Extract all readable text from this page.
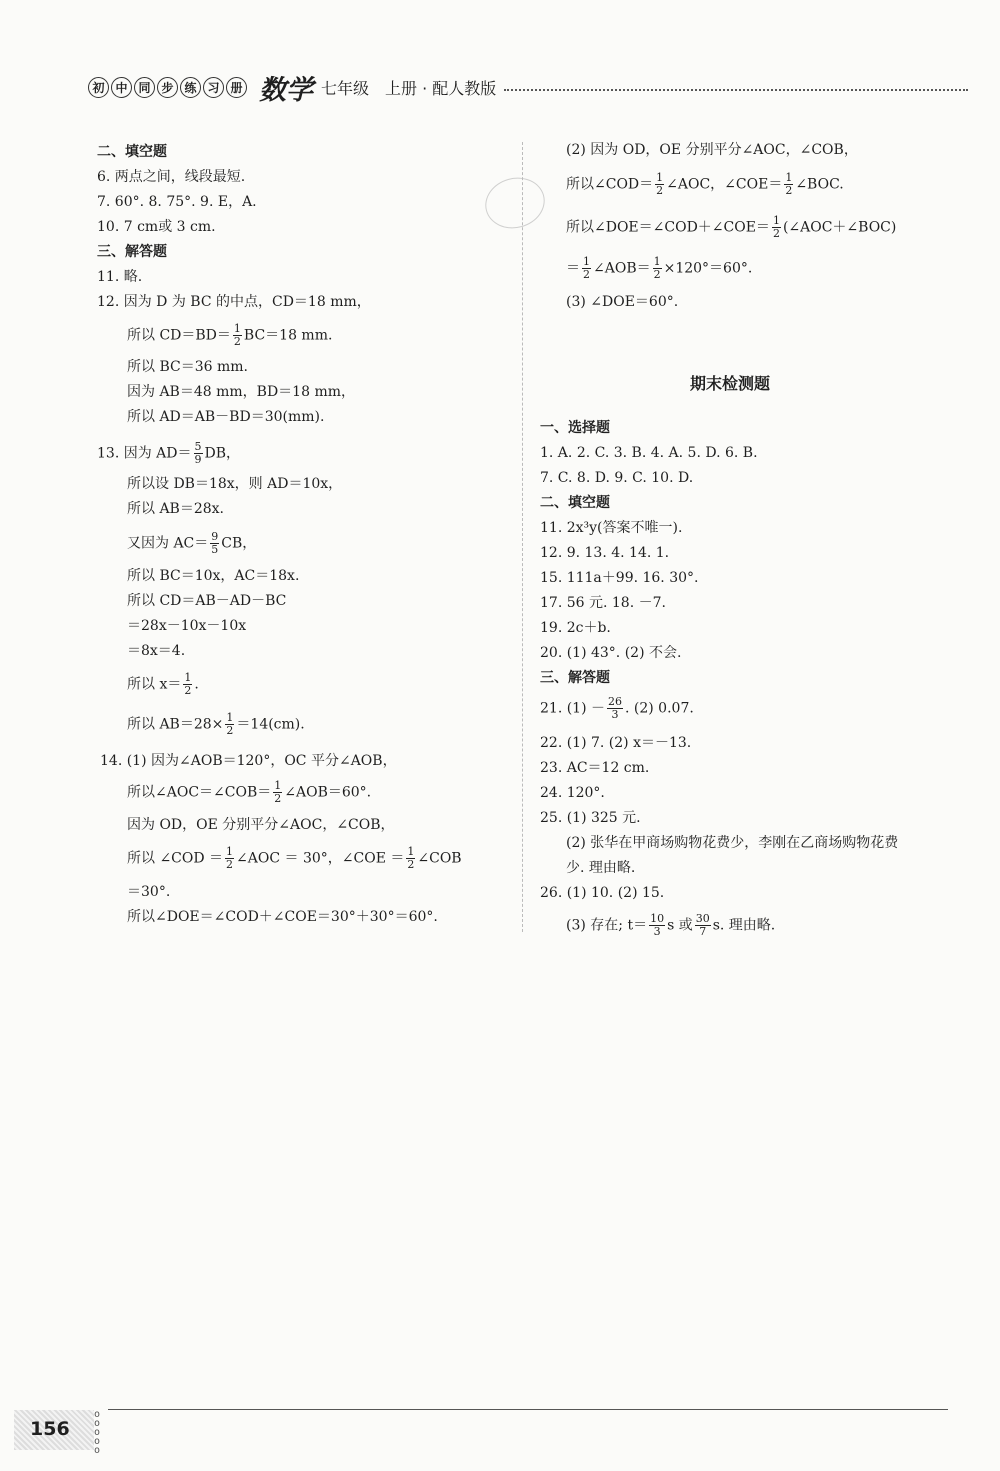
初 中 同 步 练 习 册 数学 七年级 上册 · 配人教版
二、填空题
6. 两点之间，线段最短.
7. 60°. 8. 75°. 9. E，A.
10. 7 cm或 3 cm.
三、解答题
11. 略.
12. 因为 D 为 BC 的中点，CD＝18 mm，
所以 $CD=BD= \frac{1}{2} BC=18$ mm.
所以 BC＝36 mm.
因为 AB＝48 mm，BD＝18 mm，
所以 AD＝AB－BD＝30(mm).
13. 因为 $AD= \frac{5}{9}$ DB，
所以设 DB＝18x，则 AD＝10x，
所以 AB＝28x.
又因为 $AC= \frac{9}{5}$ CB，
所以 BC＝10x，AC＝18x.
所以 CD＝AB－AD－BC
＝28x－10x－10x
＝8x＝4.
所以 $x= \frac{1}{2}$ .
所以 $AB=28\times \frac{1}{2} =14(cm)$.
14. (1) 因为∠AOB＝120°，OC 平分∠AOB，
所以∠AOC＝∠COB＝ $\frac{1}{2}$ ∠AOB＝60°.
因为 OD，OE 分别平分∠AOC，∠COB，
所以 ∠COD ＝ $\frac{1}{2}$ ∠AOC ＝ 30°，∠COE ＝ $\frac{1}{2}$ ∠COB
＝30°.
所以∠DOE＝∠COD＋∠COE＝30°＋30°＝60°.

(2) 因为 OD，OE 分别平分∠AOC，∠COB，
所以∠COD＝ $\frac{1}{2}$ ∠AOC，∠COE＝ $\frac{1}{2}$ ∠BOC.
所以∠DOE＝∠COD＋∠COE＝ $\frac{1}{2}$ (∠AOC＋∠BOC)
＝ $\frac{1}{2}$ ∠AOB＝ $\frac{1}{2} \times 120^\circ=60^\circ$.
(3) ∠DOE＝60°.
一、选择题
1. A. 2. C. 3. B. 4. A. 5. D. 6. B.
7. C. 8. D. 9. C. 10. D.
二、填空题
11. 2x³y(答案不唯一).
12. 9. 13. 4. 14. 1.
15. 111a＋99. 16. 30°.
17. 56 元. 18. －7.
19. 2c＋b.
20. (1) 43°. (2) 不会.
三、解答题
21. $(1) - \frac{26}{3}$ . (2) 0.07.
22. (1) 7. (2) x＝－13.
23. AC＝12 cm.
24. 120°.
25. (1) 325 元.
(2) 张华在甲商场购物花费少，李刚在乙商场购物花费
少. 理由略.
26. (1) 10. (2) 15.
(3) 存在; $t= \frac{10}{3}$ s 或 $\frac{30}{7} s$. 理由略.
期末检测题

156
o
o
o
o
o
